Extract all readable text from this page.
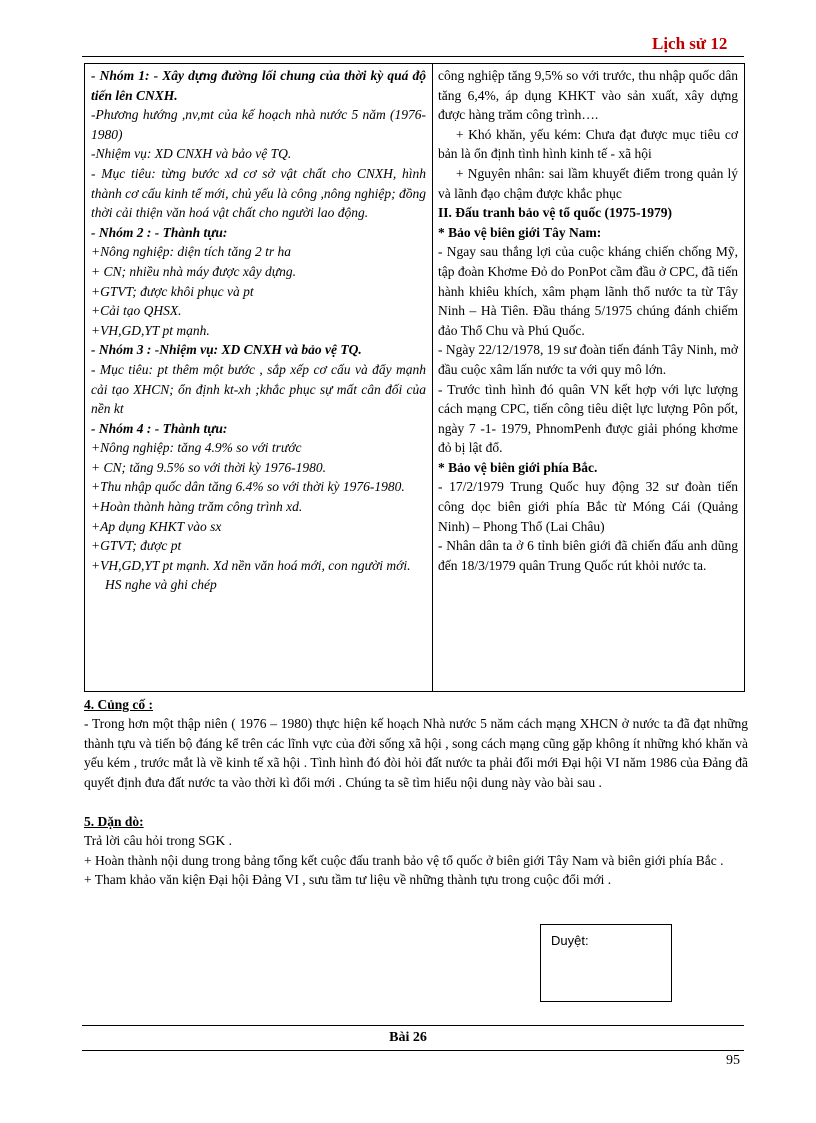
Lịch sử 12

- Nhóm 1: - Xây dựng đường lối chung của thời kỳ quá độ tiến lên CNXH.

-Phương hướng ,nv,mt của kế hoạch nhà nước 5 năm (1976-1980)

-Nhiệm vụ: XD CNXH và bảo vệ TQ.

- Mục tiêu: từng bước xd cơ sở vật chất cho CNXH, hình thành cơ cấu kinh tế mới, chủ yếu là công ,nông nghiệp; đồng thời cải thiện văn hoá vật chất cho người lao động.

- Nhóm 2 : - Thành tựu:

+Nông nghiệp: diện tích tăng 2 tr ha

+ CN; nhiều nhà máy được xây dựng.

+GTVT; được khôi phục và pt

+Cải tạo QHSX.

+VH,GD,YT pt mạnh.

- Nhóm 3 : -Nhiệm vụ: XD CNXH và bảo vệ TQ.

- Mục tiêu: pt thêm một bước , sắp xếp cơ cấu và đẩy mạnh cải tạo XHCN; ổn định kt-xh ;khắc phục sự mất cân đối của nền kt

- Nhóm 4 : - Thành tựu:

+Nông nghiệp: tăng 4.9% so với trước

+ CN; tăng 9.5% so với thời kỳ 1976-1980.

+Thu nhập quốc dân tăng 6.4% so với thời kỳ 1976-1980.

+Hoàn thành hàng trăm công trình xd.

+Ap dụng KHKT vào sx

+GTVT; được pt

+VH,GD,YT pt mạnh. Xd nền văn hoá mới, con người mới.

HS nghe và ghi chép

công nghiệp tăng 9,5% so với trước, thu nhập quốc dân tăng 6,4%, áp dụng KHKT vào sản xuất, xây dựng được hàng trăm công trình….

+ Khó khăn, yếu kém: Chưa đạt được mục tiêu cơ bản là ổn định tình hình kinh tế - xã hội

+ Nguyên nhân: sai lầm khuyết điểm trong quản lý và lãnh đạo chậm được khắc phục

II. Đấu tranh bảo vệ tổ quốc (1975-1979)

* Bảo vệ biên giới Tây Nam:

- Ngay sau thắng lợi của cuộc kháng chiến chống Mỹ, tập đoàn Khơme Đỏ do PonPot cầm đầu ở CPC, đã tiến hành khiêu khích, xâm phạm lãnh thổ nước ta từ Tây Ninh – Hà Tiên. Đầu tháng 5/1975 chúng đánh chiếm đảo Thổ Chu và Phú Quốc.

- Ngày 22/12/1978, 19 sư đoàn tiến đánh Tây Ninh, mở đầu cuộc xâm lấn nước ta với quy mô lớn.

- Trước tình hình đó quân VN kết hợp với lực lượng cách mạng CPC, tiến công tiêu diệt lực lượng Pôn pốt, ngày 7 -1- 1979, PhnomPenh được giải phóng khơme đỏ bị lật đổ.

* Bảo vệ biên giới phía Bắc.

- 17/2/1979 Trung Quốc huy động 32 sư đoàn tiến công dọc biên giới phía Bắc từ Móng Cái (Quảng Ninh) – Phong Thổ (Lai Châu)

- Nhân dân ta ở 6 tỉnh biên giới đã chiến đấu anh dũng đến 18/3/1979 quân Trung Quốc rút khỏi nước ta.

4. Củng cố :

- Trong hơn một thập niên ( 1976 – 1980) thực hiện kế hoạch Nhà nước 5 năm cách mạng XHCN ở nước ta đã đạt những thành tựu và tiến bộ đáng kể trên các lĩnh vực của đời sống xã hội , song cách mạng cũng gặp không ít những khó khăn và yếu kém , trước mắt là về kinh tế xã hội . Tình hình đó đòi hỏi đất nước ta phải đổi mới Đại hội VI năm 1986 của Đảng đã quyết định đưa đất nước ta vào thời kì đổi mới . Chúng ta sẽ tìm hiểu nội dung này vào bài sau .

5. Dặn dò:

Trả lời câu hỏi trong SGK .

+ Hoàn thành nội dung trong bảng tổng kết cuộc đấu tranh bảo vệ tổ quốc ở biên giới Tây Nam và biên giới phía Bắc .

+ Tham khảo văn kiện Đại hội Đảng VI , sưu tầm tư liệu về những thành tựu trong cuộc đổi mới .

Duyệt:
Bài 26
95
